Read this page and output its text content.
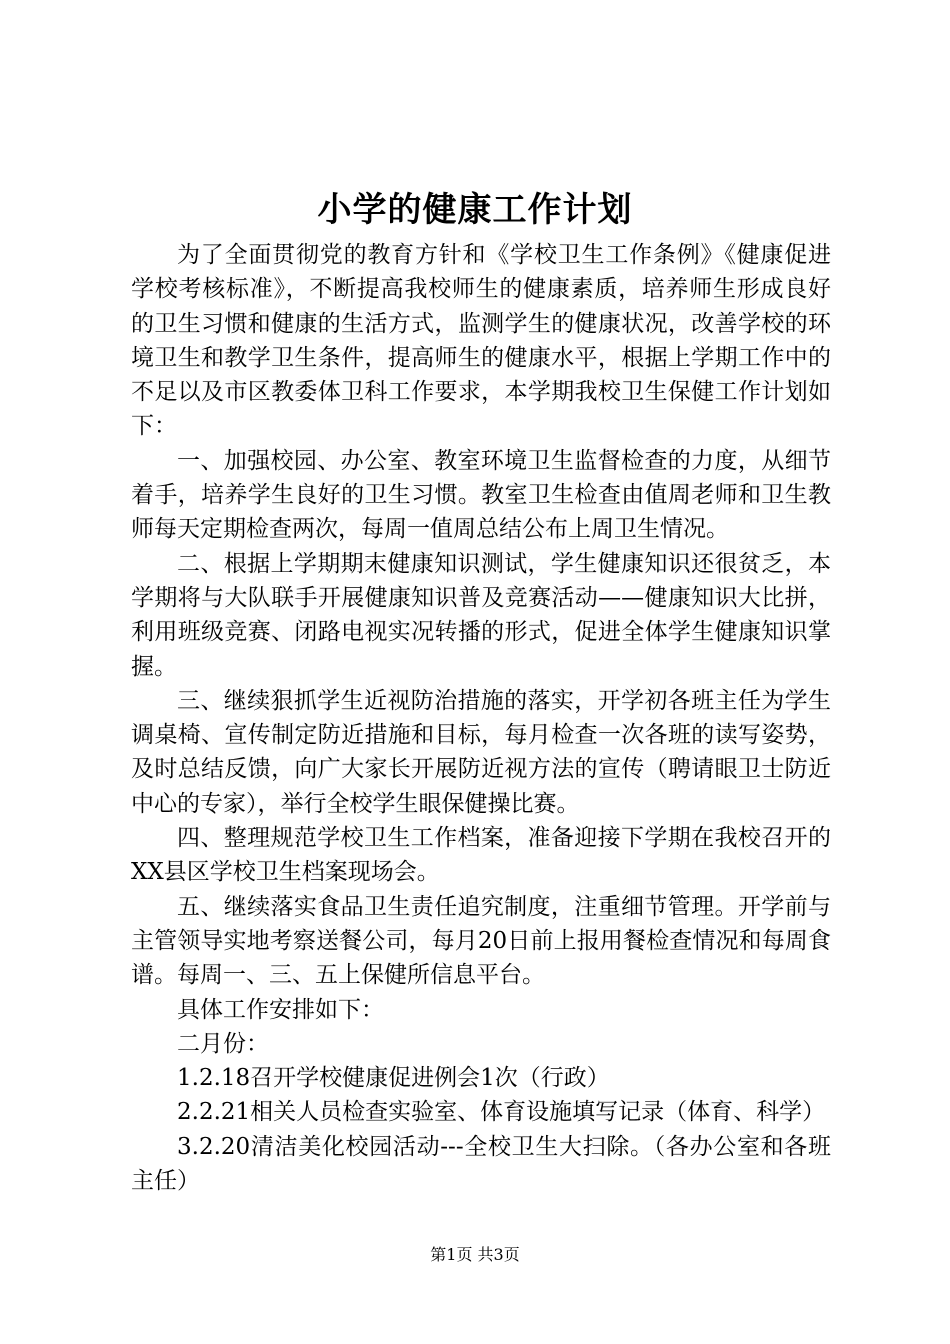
小学的健康工作计划

为了全面贯彻党的教育方针和《学校卫生工作条例》《健康促进学校考核标准》，不断提高我校师生的健康素质，培养师生形成良好的卫生习惯和健康的生活方式，监测学生的健康状况，改善学校的环境卫生和教学卫生条件，提高师生的健康水平，根据上学期工作中的不足以及市区教委体卫科工作要求，本学期我校卫生保健工作计划如下：

一、加强校园、办公室、教室环境卫生监督检查的力度，从细节着手，培养学生良好的卫生习惯。教室卫生检查由值周老师和卫生教师每天定期检查两次，每周一值周总结公布上周卫生情况。

二、根据上学期期末健康知识测试，学生健康知识还很贫乏，本学期将与大队联手开展健康知识普及竞赛活动——健康知识大比拼，利用班级竞赛、闭路电视实况转播的形式，促进全体学生健康知识掌握。

三、继续狠抓学生近视防治措施的落实，开学初各班主任为学生调桌椅、宣传制定防近措施和目标，每月检查一次各班的读写姿势，及时总结反馈，向广大家长开展防近视方法的宣传（聘请眼卫士防近中心的专家），举行全校学生眼保健操比赛。

四、整理规范学校卫生工作档案，准备迎接下学期在我校召开的XX县区学校卫生档案现场会。

五、继续落实食品卫生责任追究制度，注重细节管理。开学前与主管领导实地考察送餐公司，每月20日前上报用餐检查情况和每周食谱。每周一、三、五上保健所信息平台。

具体工作安排如下：

二月份：

1.2.18召开学校健康促进例会1次（行政）

2.2.21相关人员检查实验室、体育设施填写记录（体育、科学）

3.2.20清洁美化校园活动---全校卫生大扫除。（各办公室和各班主任）

第1页 共3页
